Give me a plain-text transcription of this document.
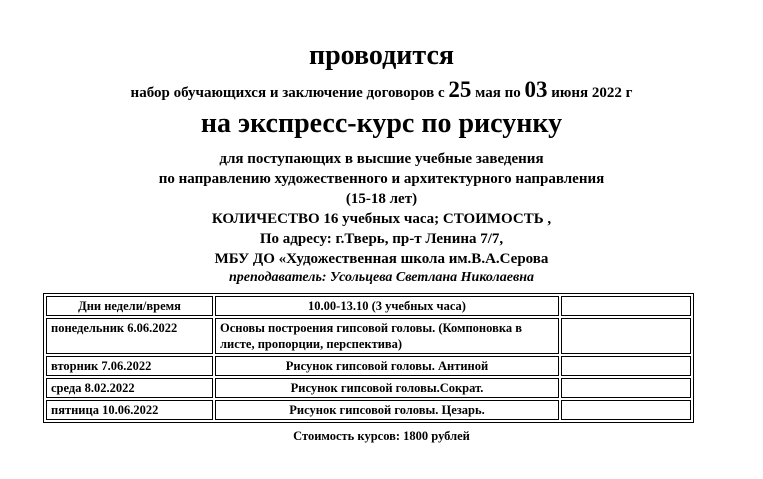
проводится
набор обучающихся и заключение договоров с 25 мая по 03 июня 2022 г
на экспресс-курс по рисунку
для поступающих в высшие учебные заведения
по направлению художественного и архитектурного направления
(15-18 лет)
КОЛИЧЕСТВО 16 учебных часа; СТОИМОСТЬ ,
По адресу: г.Тверь, пр-т Ленина 7/7,
МБУ ДО «Художественная школа им.В.А.Серова
преподаватель: Усольцева Светлана Николаевна
Дни недели/время	10.00-13.10 (3 учебных часа)	
понедельник 6.06.2022	Основы построения гипсовой головы. (Компоновка в листе, пропорции, перспектива)	
вторник 7.06.2022	Рисунок гипсовой головы. Антиной	
среда 8.02.2022	Рисунок гипсовой головы.Сократ.	
пятница 10.06.2022	Рисунок гипсовой головы. Цезарь.	
Стоимость курсов: 1800 рублей
